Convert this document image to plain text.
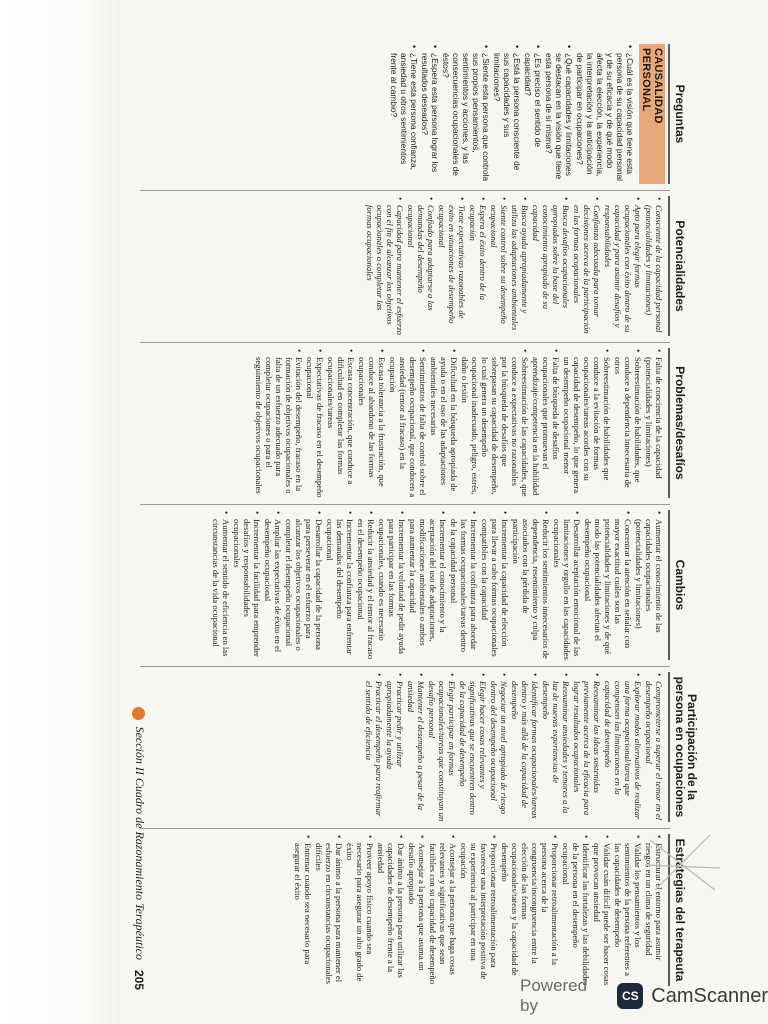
Preguntas
CAUSALIDAD PERSONAL
• ¿Cuál es la visión que tiene esta persona de su capacidad personal y de su eficacia y de qué modo afecta la elección, la experiencia, la interpretación y la anticipación de participar en ocupaciones?
• ¿Qué capacidades y limitaciones se destacan en la visión que tiene esta persona de sí misma?
• ¿Es preciso el sentido de capacidad?
• ¿Está la persona consciente de sus capacidades y sus limitaciones?
• ¿Siente esta persona que controla sus propios pensamientos, sentimientos y acciones, y las consecuencias ocupacionales de éstos?
• ¿Espera esta persona lograr los resultados deseados?
• ¿Tiene esta persona confianza, ansiedad u otros sentimientos frente al cambio?
Potencialidades
• Consciente de la capacidad personal (potencialidades y limitaciones)
• Apto para elegir formas ocupacionales con éxito dentro de su capacidad y para asumir desafíos y responsabilidades
• Confianza adecuada para tomar decisiones acerca de la participación en las formas ocupacionales
• Busca desafíos ocupacionales apropiados sobre la base del conocimiento apropiado de su capacidad
• Busca ayuda apropiadamente y utiliza las adaptaciones ambientales
• Siente control sobre su desempeño ocupacional
• Espera el éxito dentro de la ocupación
• Tiene expectativas razonables de éxito en situaciones de desempeño ocupacional
• Confiado para adaptarse a las demandas del desempeño ocupacional
• Capacidad para mantener el esfuerzo con el fin de alcanzar los objetivos ocupacionales o completar las formas ocupacionales
Problemas/desafíos
• Falta de conciencia de la capacidad (potencialidades y limitaciones)
• Sobreestimación de habilidades, que conduce a dependencia innecesaria de otros
• Sobreestimación de habilidades que conduce a la evitación de formas ocupacionales/tareas acordes con su capacidad de desempeño, lo que genera un desempeño ocupacional menor
• Falta de búsqueda de desafíos ocupacionales que promuevan el aprendizaje/competencia en la habilidad
• Sobreestimación de las capacidades, que conduce a expectativas no razonables por la búsqueda de desafíos que sobrepasan su capacidad de desempeño, lo cual genera un desempeño ocupacional inadecuado, peligro, estrés, daño o lesión
• Dificultad en la búsqueda apropiada de ayuda o en el uso de las adaptaciones ambientales necesarias
• Sentimientos de falta de control sobre el desempeño ocupacional, que conducen a ansiedad (temor al fracaso) en la ocupación
• Escasa tolerancia a la frustración, que conduce al abandono de las formas ocupacionales
• Escasa concentración, que conduce a dificultad en completar las formas ocupacionales/tareas
• Expectativas de fracaso en el desempeño ocupacional
• Evitación del desempeño, fracaso en la formación de objetivos ocupacionales o falta de un esfuerzo adecuado para completar ocupaciones o para el seguimiento de objetivos ocupacionales
Cambios
• Aumentar el conocimiento de las capacidades ocupacionales (potencialidades y limitaciones)
• Concentrar la atención en señalar con mayor exactitud cuáles son las potencialidades y limitaciones y de qué modo las potencialidades afectan el desempeño ocupacional
• Desarrollar aceptación emocional de las limitaciones y orgullo en las capacidades ocupacionales
• Reducir los sentimientos innecesarios de dependencia, resentimiento y culpa asociados con la pérdida de participación
• Incrementar la capacidad de elección para llevar a cabo formas ocupacionales compatibles con la capacidad
• Incrementar la confianza para abordar las formas ocupacionales/tareas dentro de la capacidad personal
• Incrementar el conocimiento y la aceptación del uso de adaptaciones, modificaciones ambientales o ambos para aumentar la capacidad
• Incrementar la voluntad de pedir ayuda para participar en las formas ocupacionales, cuando es necesario
• Reducir la ansiedad y el temor al fracaso en el desempeño ocupacional
• Incrementar la confianza para enfrentar las demandas del desempeño ocupacional
• Desarrollar la capacidad de la persona para perseverar en el esfuerzo para alcanzar los objetivos ocupacionales o completar el desempeño ocupacional
• Ampliar las expectativas de éxito en el desempeño ocupacional
• Incrementar la facilidad para emprender desafíos y responsabilidades ocupacionales
• Aumentar el sentido de eficiencia en las circunstancias de la vida ocupacional
Participación de la persona en ocupaciones
• Comprometerse a superar el temor en el desempeño ocupacional
• Explorar modos alternativos de realizar una forma ocupacional/tarea que compensen las limitaciones en la capacidad de desempeño
• Reexaminar las ideas sostenidas previamente acerca de la eficacia para lograr resultados ocupacionales
• Reexaminar ansiedades y temores a la luz de nuevas experiencias de desempeño
• Identificar formas ocupacionales/tareas dentro y más allá de la capacidad de desempeño
• Negociar un nivel apropiado de riesgo dentro del desempeño ocupacional
• Elegir hacer cosas relevantes y significativas que se encuentren dentro de la capacidad de desempeño
• Elegir participar en formas ocupacionales/tareas que constituyan un desafío personal
• Mantener el desempeño a pesar de la ansiedad
• Practicar pedir y utilizar apropiadamente la ayuda
• Practicar el desempeño para reafirmar el sentido de eficiencia
Estrategias del terapeuta
• Estructurar el entorno para asumir riesgos en un clima de seguridad
• Validar los pensamientos y los sentimientos de la persona referentes a las capacidades de desempeño
• Validar cuán difícil puede ser hacer cosas que provocan ansiedad
• Identificar las fortalezas y las debilidades de la persona en el desempeño ocupacional
• Proporcionar retroalimentación a la persona acerca de la congruencia/incongruencia entre la elección de las formas ocupacionales/tareas y la capacidad de desempeño
• Proporcionar retroalimentación para favorecer una interpretación positiva de su experiencia al participar en una ocupación
• Aconsejar a la persona que haga cosas relevantes y significativas que sean factibles con su capacidad de desempeño
• Aconsejar a la persona que asuma un desafío apropiado
• Dar ánimo a la persona para utilizar las capacidades de desempeño frente a la ansiedad
• Proveer apoyo físico cuando sea necesario para asegurar un alto grado de éxito
• Dar ánimo a la persona para mantener el esfuerzo en circunstancias ocupacionales difíciles
• Entrenar cuando sea necesario para asegurar el éxito
Sección II Cuadro de Razonamiento Terapéutico
205	Powered by	CS CamScanner
